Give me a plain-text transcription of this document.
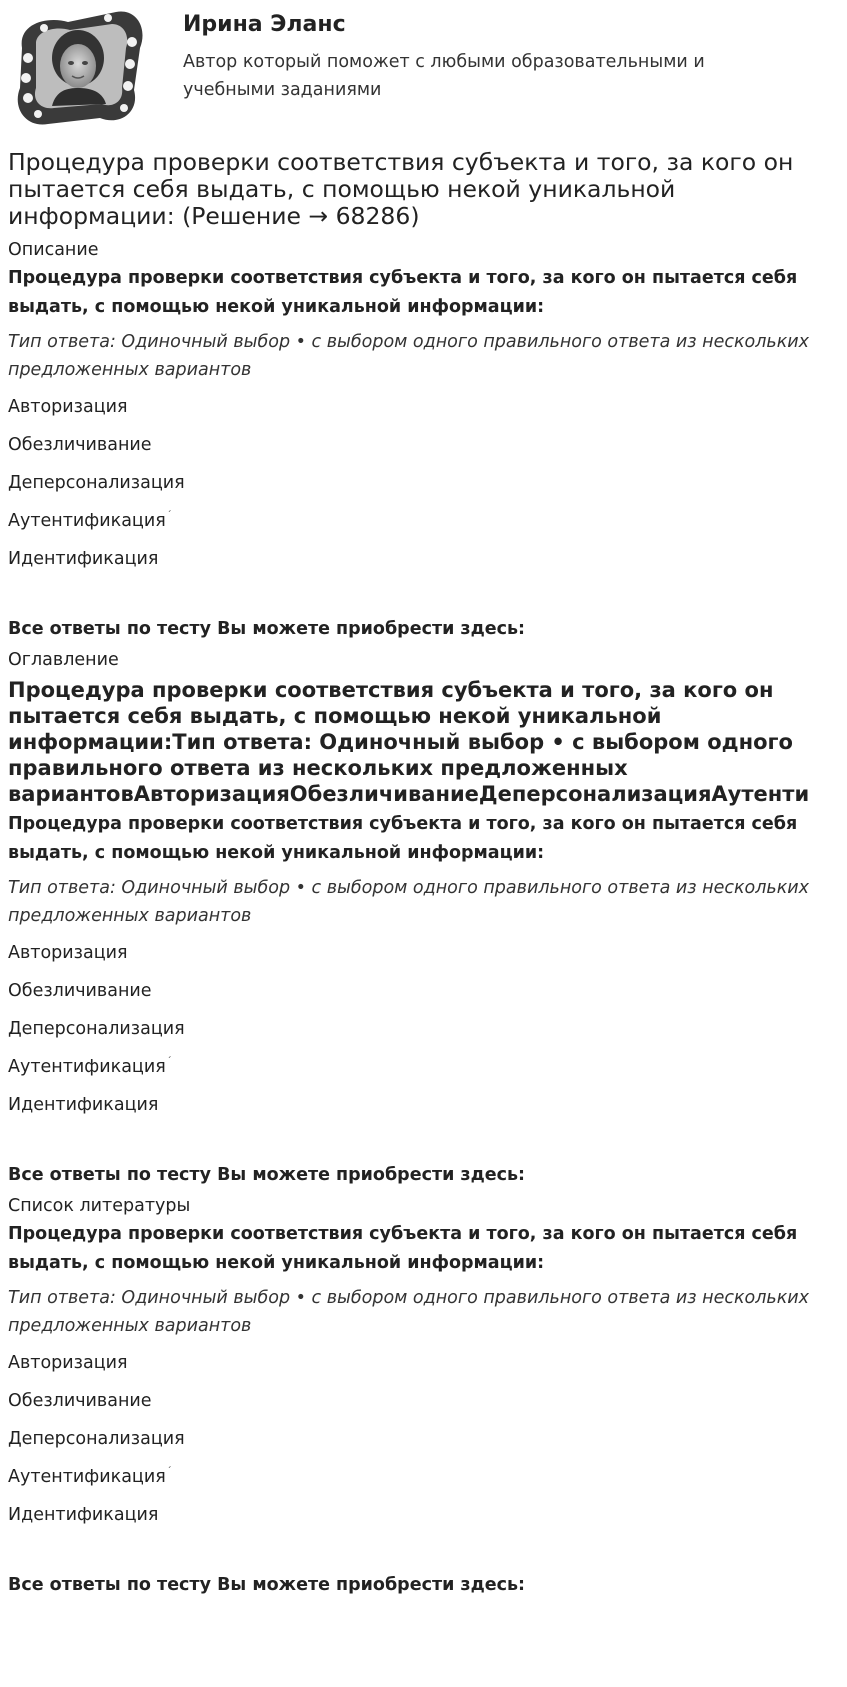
Ирина Эланс

Автор который поможет с любыми образовательными и учебными заданиями

Процедура проверки соответствия субъекта и того, за кого он пытается себя выдать, с помощью некой уникальной информации: (Решение → 68286)
Описание
Процедура проверки соответствия субъекта и того, за кого он пытается себя выдать, с помощью некой уникальной информации:
Тип ответа: Одиночный выбор • с выбором одного правильного ответа из нескольких предложенных вариантов
Авторизация
Обезличивание
Деперсонализация
Аутентификация ˊ
Идентификация
Все ответы по тесту Вы можете приобрести здесь:
Оглавление
Процедура проверки соответствия субъекта и того, за кого он
пытается себя выдать, с помощью некой уникальной
информации:Тип ответа: Одиночный выбор • с выбором одного
правильного ответа из нескольких предложенных
вариантовАвторизацияОбезличиваниеДеперсонализацияАутенти
Процедура проверки соответствия субъекта и того, за кого он пытается себя выдать, с помощью некой уникальной информации:
Тип ответа: Одиночный выбор • с выбором одного правильного ответа из нескольких предложенных вариантов
Авторизация
Обезличивание
Деперсонализация
Аутентификация ˊ
Идентификация
Все ответы по тесту Вы можете приобрести здесь:
Список литературы
Процедура проверки соответствия субъекта и того, за кого он пытается себя выдать, с помощью некой уникальной информации:
Тип ответа: Одиночный выбор • с выбором одного правильного ответа из нескольких предложенных вариантов
Авторизация
Обезличивание
Деперсонализация
Аутентификация ˊ
Идентификация
Все ответы по тесту Вы можете приобрести здесь:
